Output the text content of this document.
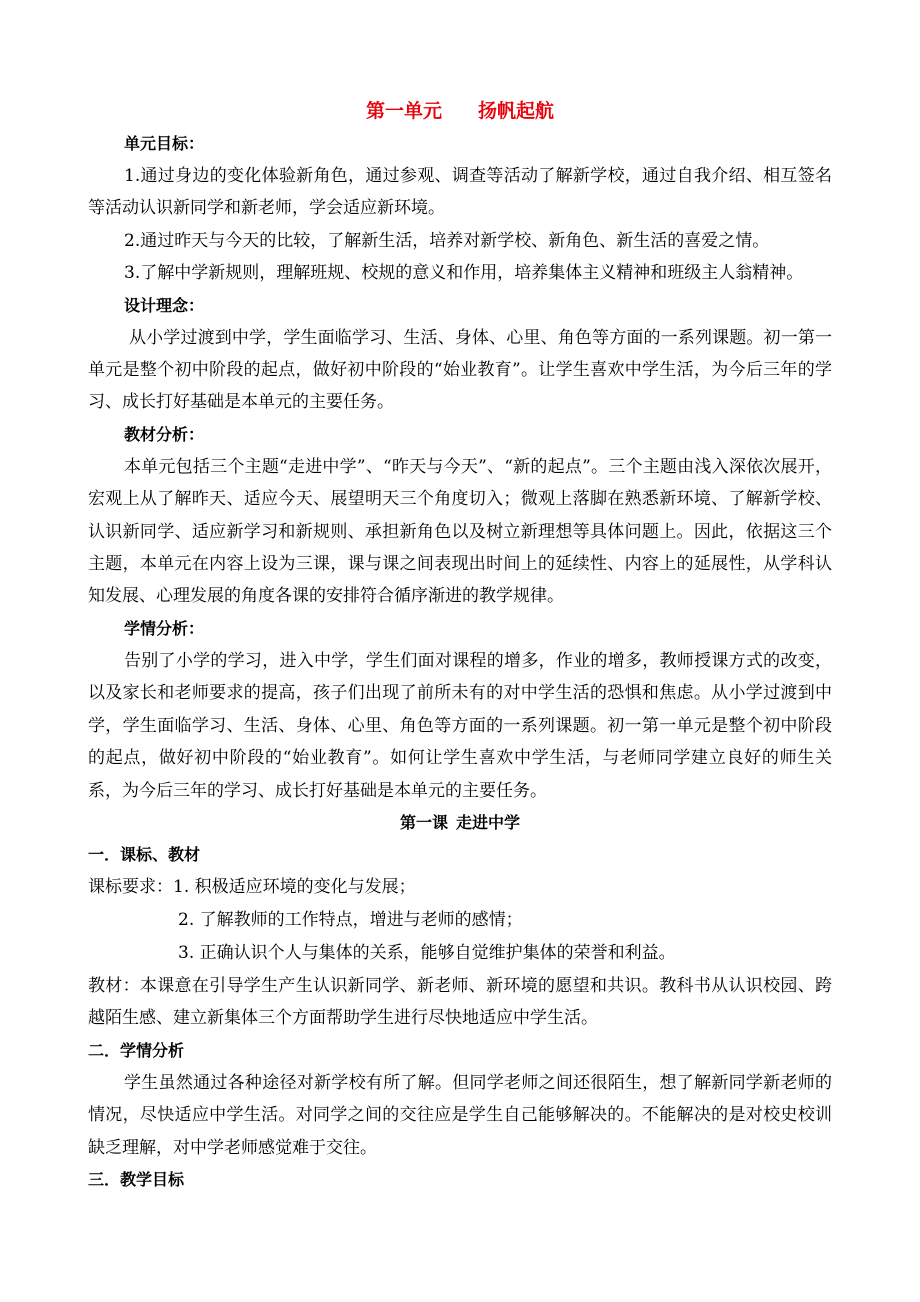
第一单元 扬帆起航

单元目标：

1.通过身边的变化体验新角色，通过参观、调查等活动了解新学校，通过自我介绍、相互签名等活动认识新同学和新老师，学会适应新环境。

2.通过昨天与今天的比较，了解新生活，培养对新学校、新角色、新生活的喜爱之情。

3.了解中学新规则，理解班规、校规的意义和作用，培养集体主义精神和班级主人翁精神。

设计理念：

从小学过渡到中学，学生面临学习、生活、身体、心里、角色等方面的一系列课题。初一第一单元是整个初中阶段的起点，做好初中阶段的“始业教育”。让学生喜欢中学生活，为今后三年的学习、成长打好基础是本单元的主要任务。

教材分析：

本单元包括三个主题“走进中学”、“昨天与今天”、“新的起点”。三个主题由浅入深依次展开，宏观上从了解昨天、适应今天、展望明天三个角度切入；微观上落脚在熟悉新环境、了解新学校、认识新同学、适应新学习和新规则、承担新角色以及树立新理想等具体问题上。因此，依据这三个主题，本单元在内容上设为三课，课与课之间表现出时间上的延续性、内容上的延展性，从学科认知发展、心理发展的角度各课的安排符合循序渐进的教学规律。

学情分析：

告别了小学的学习，进入中学，学生们面对课程的增多，作业的增多，教师授课方式的改变，以及家长和老师要求的提高，孩子们出现了前所未有的对中学生活的恐惧和焦虑。从小学过渡到中学，学生面临学习、生活、身体、心里、角色等方面的一系列课题。初一第一单元是整个初中阶段的起点，做好初中阶段的“始业教育”。如何让学生喜欢中学生活，与老师同学建立良好的师生关系，为今后三年的学习、成长打好基础是本单元的主要任务。

第一课 走进中学

一．课标、教材

课标要求：1. 积极适应环境的变化与发展；

2. 了解教师的工作特点，增进与老师的感情；

3. 正确认识个人与集体的关系，能够自觉维护集体的荣誉和利益。

教材：本课意在引导学生产生认识新同学、新老师、新环境的愿望和共识。教科书从认识校园、跨越陌生感、建立新集体三个方面帮助学生进行尽快地适应中学生活。

二．学情分析

学生虽然通过各种途径对新学校有所了解。但同学老师之间还很陌生，想了解新同学新老师的情况，尽快适应中学生活。对同学之间的交往应是学生自己能够解决的。不能解决的是对校史校训缺乏理解，对中学老师感觉难于交往。

三．教学目标
